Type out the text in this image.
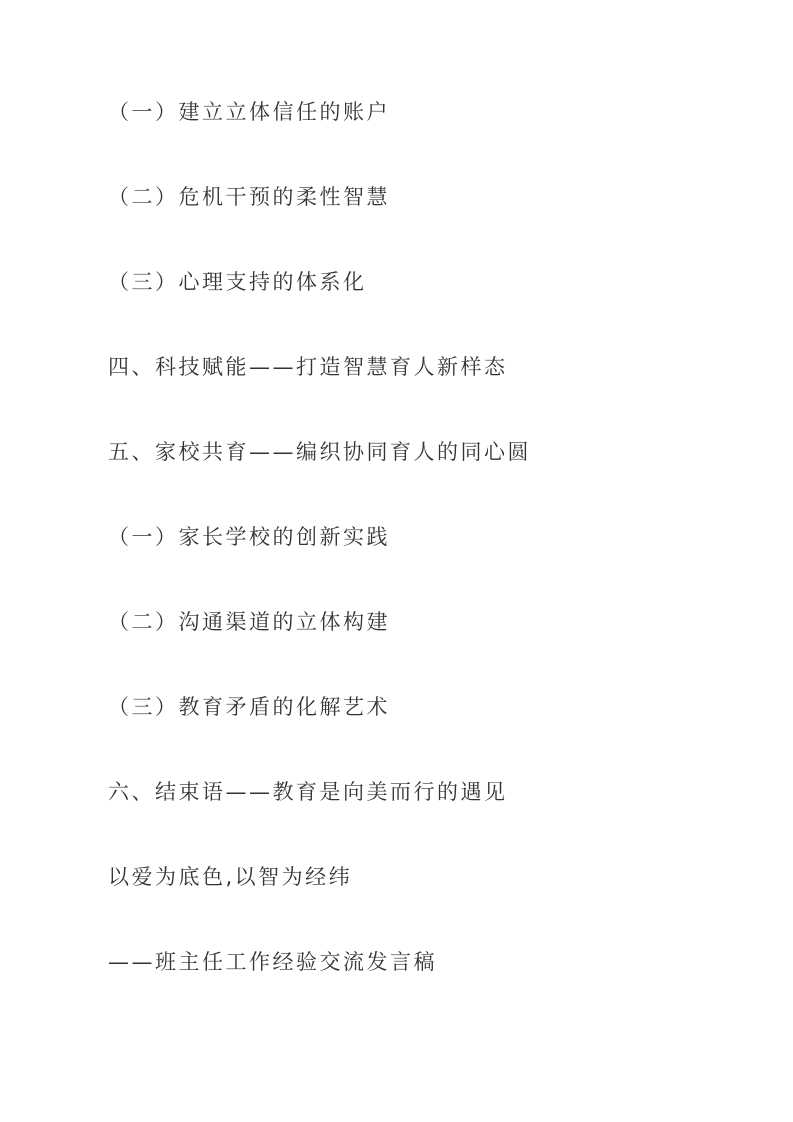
（一）建立立体信任的账户

（二）危机干预的柔性智慧

（三）心理支持的体系化

四、科技赋能——打造智慧育人新样态

五、家校共育——编织协同育人的同心圆

（一）家长学校的创新实践

（二）沟通渠道的立体构建

（三）教育矛盾的化解艺术

六、结束语——教育是向美而行的遇见

以爱为底色,以智为经纬

——班主任工作经验交流发言稿
